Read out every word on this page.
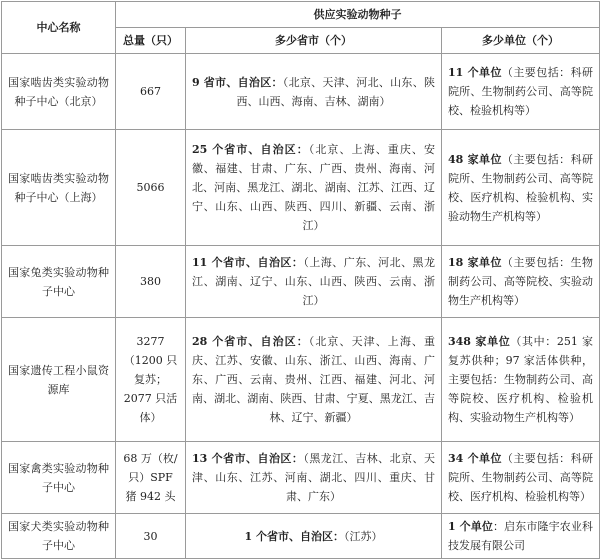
中心名称	供应实验动物种子		
	总量（只）	多少省市（个）	多少单位（个）
国家啮齿类实验动物种子中心（北京）	667	9 省市、自治区：（北京、天津、河北、山东、陕西、山西、海南、吉林、湖南）	11 个单位（主要包括：科研院所、生物制药公司、高等院校、检验机构等）
国家啮齿类实验动物种子中心（上海）	5066	25 个省市、自治区：（北京、上海、重庆、安徽、福建、甘肃、广东、广西、贵州、海南、河北、河南、黑龙江、湖北、湖南、江苏、江西、辽宁、山东、山西、陕西、四川、新疆、云南、浙江）	48 家单位（主要包括：科研院所、生物制药公司、高等院校、医疗机构、检验机构、实验动物生产机构等）
国家兔类实验动物种子中心	380	11 个省市、自治区：（上海、广东、河北、黑龙江、湖南、辽宁、山东、山西、陕西、云南、浙江）	18 家单位（主要包括：生物制药公司、高等院校、实验动物生产机构等）
国家遗传工程小鼠资源库	3277（1200 只复苏；2077 只活体）	28 个省市、自治区：（北京、天津、上海、重庆、江苏、安徽、山东、浙江、山西、海南、广东、广西、云南、贵州、江西、福建、河北、河南、湖北、湖南、陕西、甘肃、宁夏、黑龙江、吉林、辽宁、新疆）	348 家单位（其中：251 家复苏供种；97 家活体供种，主要包括：生物制药公司、高等院校、医疗机构、检验机构、实验动物生产机构等）
国家禽类实验动物种子中心	68 万（枚/只）SPF 猪 942 头	13 个省市、自治区：（黑龙江、吉林、北京、天津、山东、江苏、河南、湖北、四川、重庆、甘肃、广东）	34 个单位（主要包括：科研院所、生物制药公司、高等院校、医疗机构、检验机构等）
国家犬类实验动物种子中心	30	1 个省市、自治区：（江苏）	1 个单位：启东市隆宇农业科技发展有限公司
